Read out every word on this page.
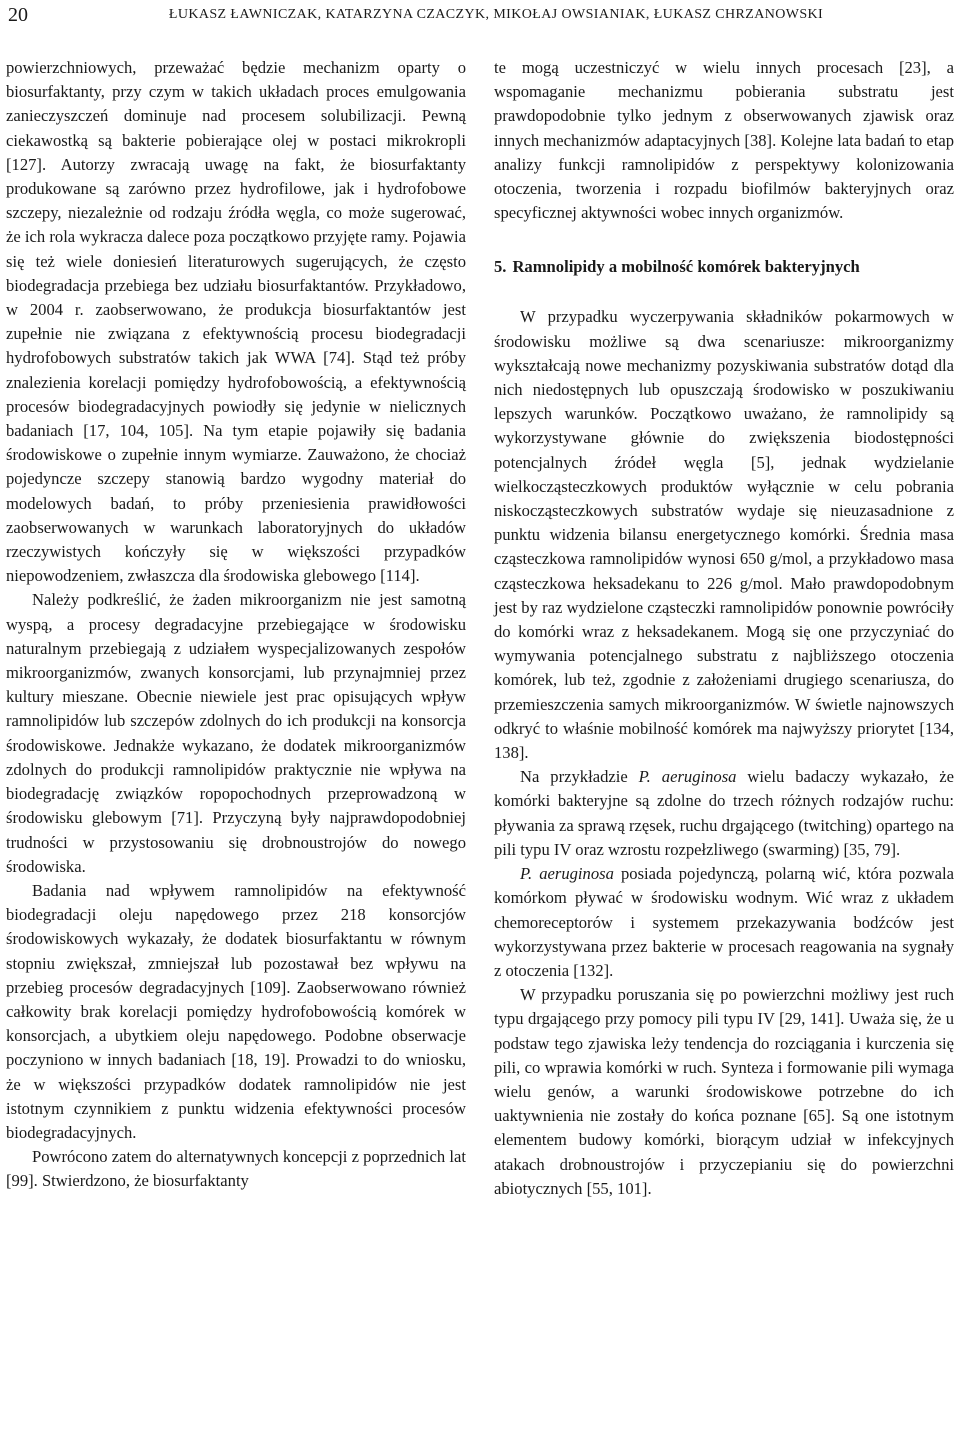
20	ŁUKASZ ŁAWNICZAK, KATARZYNA CZACZYK, MIKOŁAJ OWSIANIAK, ŁUKASZ CHRZANOWSKI

powierzchniowych, przeważać będzie mechanizm oparty o biosurfaktanty, przy czym w takich układach proces emulgowania zanieczyszczeń dominuje nad procesem solubilizacji. Pewną ciekawostką są bakterie pobierające olej w postaci mikrokropli [127]. Autorzy zwracają uwagę na fakt, że biosurfaktanty produkowane są zarówno przez hydrofilowe, jak i hydrofobowe szczepy, niezależnie od rodzaju źródła węgla, co może sugerować, że ich rola wykracza dalece poza początkowo przyjęte ramy. Pojawia się też wiele doniesień literaturowych sugerujących, że często biodegradacja przebiega bez udziału biosurfaktantów. Przykładowo, w 2004 r. zaobserwowano, że produkcja biosurfaktantów jest zupełnie nie związana z efektywnością procesu biodegradacji hydrofobowych substratów takich jak WWA [74]. Stąd też próby znalezienia korelacji pomiędzy hydrofobowością, a efektywnością procesów biodegradacyjnych powiodły się jedynie w nielicznych badaniach [17, 104, 105]. Na tym etapie pojawiły się badania środowiskowe o zupełnie innym wymiarze. Zauważono, że chociaż pojedyncze szczepy stanowią bardzo wygodny materiał do modelowych badań, to próby przeniesienia prawidłowości zaobserwowanych w warunkach laboratoryjnych do układów rzeczywistych kończyły się w większości przypadków niepowodzeniem, zwłaszcza dla środowiska glebowego [114].

Należy podkreślić, że żaden mikroorganizm nie jest samotną wyspą, a procesy degradacyjne przebiegające w środowisku naturalnym przebiegają z udziałem wyspecjalizowanych zespołów mikroorganizmów, zwanych konsorcjami, lub przynajmniej przez kultury mieszane. Obecnie niewiele jest prac opisujących wpływ ramnolipidów lub szczepów zdolnych do ich produkcji na konsorcja środowiskowe. Jednakże wykazano, że dodatek mikroorganizmów zdolnych do produkcji ramnolipidów praktycznie nie wpływa na biodegradację związków ropopochodnych przeprowadzoną w środowisku glebowym [71]. Przyczyną były najprawdopodobniej trudności w przystosowaniu się drobnoustrojów do nowego środowiska.

Badania nad wpływem ramnolipidów na efektywność biodegradacji oleju napędowego przez 218 konsorcjów środowiskowych wykazały, że dodatek biosurfaktantu w równym stopniu zwiększał, zmniejszał lub pozostawał bez wpływu na przebieg procesów degradacyjnych [109]. Zaobserwowano również całkowity brak korelacji pomiędzy hydrofobowością komórek w konsorcjach, a ubytkiem oleju napędowego. Podobne obserwacje poczyniono w innych badaniach [18, 19]. Prowadzi to do wniosku, że w większości przypadków dodatek ramnolipidów nie jest istotnym czynnikiem z punktu widzenia efektywności procesów biodegradacyjnych.

Powrócono zatem do alternatywnych koncepcji z poprzednich lat [99]. Stwierdzono, że biosurfaktanty

te mogą uczestniczyć w wielu innych procesach [23], a wspomaganie mechanizmu pobierania substratu jest prawdopodobnie tylko jednym z obserwowanych zjawisk oraz innych mechanizmów adaptacyjnych [38]. Kolejne lata badań to etap analizy funkcji ramnolipidów z perspektywy kolonizowania otoczenia, tworzenia i rozpadu biofilmów bakteryjnych oraz specyficznej aktywności wobec innych organizmów.

5. Ramnolipidy a mobilność komórek bakteryjnych

W przypadku wyczerpywania składników pokarmowych w środowisku możliwe są dwa scenariusze: mikroorganizmy wykształcają nowe mechanizmy pozyskiwania substratów dotąd dla nich niedostępnych lub opuszczają środowisko w poszukiwaniu lepszych warunków. Początkowo uważano, że ramnolipidy są wykorzystywane głównie do zwiększenia biodostępności potencjalnych źródeł węgla [5], jednak wydzielanie wielkocząsteczkowych produktów wyłącznie w celu pobrania niskocząsteczkowych substratów wydaje się nieuzasadnione z punktu widzenia bilansu energetycznego komórki. Średnia masa cząsteczkowa ramnolipidów wynosi 650 g/mol, a przykładowo masa cząsteczkowa heksadekanu to 226 g/mol. Mało prawdopodobnym jest by raz wydzielone cząsteczki ramnolipidów ponownie powróciły do komórki wraz z heksadekanem. Mogą się one przyczyniać do wymywania potencjalnego substratu z najbliższego otoczenia komórek, lub też, zgodnie z założeniami drugiego scenariusza, do przemieszczenia samych mikroorganizmów. W świetle najnowszych odkryć to właśnie mobilność komórek ma najwyższy priorytet [134, 138].

Na przykładzie P. aeruginosa wielu badaczy wykazało, że komórki bakteryjne są zdolne do trzech różnych rodzajów ruchu: pływania za sprawą rzęsek, ruchu drgającego (twitching) opartego na pili typu IV oraz wzrostu rozpełzliwego (swarming) [35, 79].

P. aeruginosa posiada pojedynczą, polarną wić, która pozwala komórkom pływać w środowisku wodnym. Wić wraz z układem chemoreceptorów i systemem przekazywania bodźców jest wykorzystywana przez bakterie w procesach reagowania na sygnały z otoczenia [132].

W przypadku poruszania się po powierzchni możliwy jest ruch typu drgającego przy pomocy pili typu IV [29, 141]. Uważa się, że u podstaw tego zjawiska leży tendencja do rozciągania i kurczenia się pili, co wprawia komórki w ruch. Synteza i formowanie pili wymaga wielu genów, a warunki środowiskowe potrzebne do ich uaktywnienia nie zostały do końca poznane [65]. Są one istotnym elementem budowy komórki, biorącym udział w infekcyjnych atakach drobnoustrojów i przyczepianiu się do powierzchni abiotycznych [55, 101].
